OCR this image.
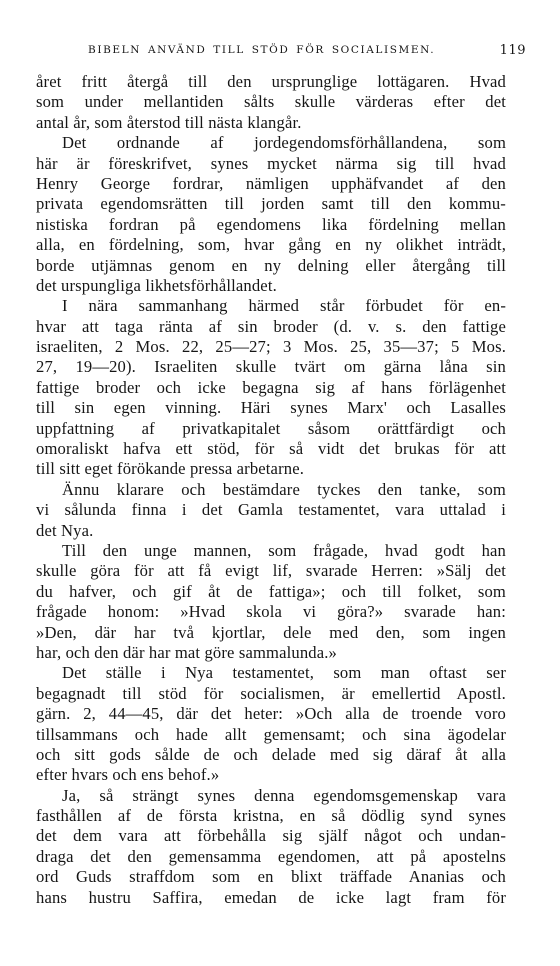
BIBELN ANVÄND TILL STÖD FÖR SOCIALISMEN.	119
året fritt återgå till den ursprunglige lottägaren. Hvad
som under mellantiden sålts skulle värderas efter det
antal år, som återstod till nästa klangår.
Det ordnande af jordegendomsförhållandena, som
här är föreskrifvet, synes mycket närma sig till hvad
Henry George fordrar, nämligen upphäfvandet af den
privata egendomsrätten till jorden samt till den kommu-
nistiska fordran på egendomens lika fördelning mellan
alla, en fördelning, som, hvar gång en ny olikhet inträdt,
borde utjämnas genom en ny delning eller återgång till
det urspungliga likhetsförhållandet.
I nära sammanhang härmed står förbudet för en-
hvar att taga ränta af sin broder (d. v. s. den fattige
israeliten, 2 Mos. 22, 25—27; 3 Mos. 25, 35—37; 5 Mos.
27, 19—20). Israeliten skulle tvärt om gärna låna sin
fattige broder och icke begagna sig af hans förlägenhet
till sin egen vinning. Häri synes Marx' och Lasalles
uppfattning af privatkapitalet såsom orättfärdigt och
omoraliskt hafva ett stöd, för så vidt det brukas för att
till sitt eget förökande pressa arbetarne.
Ännu klarare och bestämdare tyckes den tanke, som
vi sålunda finna i det Gamla testamentet, vara uttalad i
det Nya.
Till den unge mannen, som frågade, hvad godt han
skulle göra för att få evigt lif, svarade Herren: »Sälj det
du hafver, och gif åt de fattiga»; och till folket, som
frågade honom: »Hvad skola vi göra?» svarade han:
»Den, där har två kjortlar, dele med den, som ingen
har, och den där har mat göre sammalunda.»
Det ställe i Nya testamentet, som man oftast ser
begagnadt till stöd för socialismen, är emellertid Apostl.
gärn. 2, 44—45, där det heter: »Och alla de troende voro
tillsammans och hade allt gemensamt; och sina ägodelar
och sitt gods sålde de och delade med sig däraf åt alla
efter hvars och ens behof.»
Ja, så strängt synes denna egendomsgemenskap vara
fasthållen af de första kristna, en så dödlig synd synes
det dem vara att förbehålla sig själf något och undan-
draga det den gemensamma egendomen, att på apostelns
ord Guds straffdom som en blixt träffade Ananias och
hans hustru Saffira, emedan de icke lagt fram för
